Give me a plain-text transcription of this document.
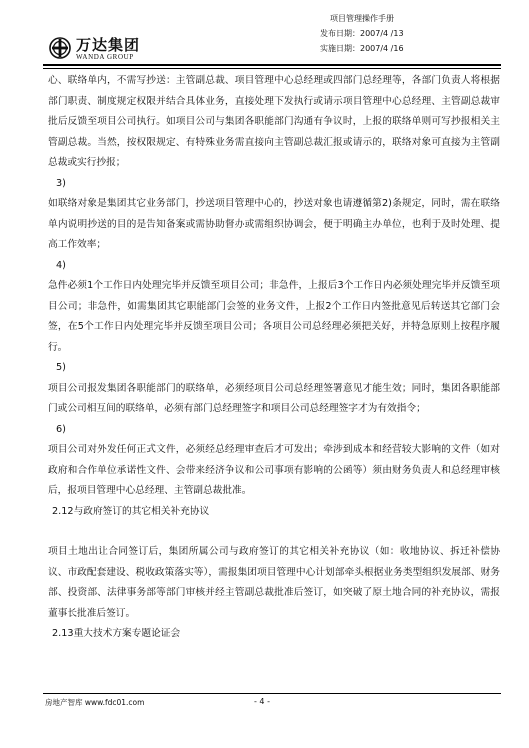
万达集团
WANDA GROUP
项目管理操作手册
发布日期：2007/4 /13
实施日期：2007/4 /16

心、联络单内，不需写抄送：主管副总裁、项目管理中心总经理或四部门总经理等，各部门负责人将根据部门职责、制度规定权限并结合具体业务，直接处理下发执行或请示项目管理中心总经理、主管副总裁审批后反馈至项目公司执行。如项目公司与集团各职能部门沟通有争议时，上报的联络单则可写抄报相关主管副总裁。当然，按权限规定、有特殊业务需直接向主管副总裁汇报或请示的，联络对象可直接为主管副总裁或实行抄报；

3)

如联络对象是集团其它业务部门，抄送项目管理中心的，抄送对象也请遵循第2)条规定，同时，需在联络单内说明抄送的目的是告知备案或需协助督办或需组织协调会，便于明确主办单位，也利于及时处理、提高工作效率；

4)

急件必须1个工作日内处理完毕并反馈至项目公司；非急件，上报后3个工作日内必须处理完毕并反馈至项目公司；非急件，如需集团其它职能部门会签的业务文件，上报2个工作日内签批意见后转送其它部门会签，在5个工作日内处理完毕并反馈至项目公司；各项目公司总经理必须把关好，并特急原则上按程序履行。

5)

项目公司报发集团各职能部门的联络单，必须经项目公司总经理签署意见才能生效；同时，集团各职能部门或公司相互间的联络单，必须有部门总经理签字和项目公司总经理签字才为有效指令；

6)

项目公司对外发任何正式文件，必须经总经理审查后才可发出；牵涉到成本和经营较大影响的文件（如对政府和合作单位承诺性文件、会带来经济争议和公司事项有影响的公函等）须由财务负责人和总经理审核后，报项目管理中心总经理、主管副总裁批准。

2.12与政府签订的其它相关补充协议

项目土地出让合同签订后，集团所属公司与政府签订的其它相关补充协议（如：收地协议、拆迁补偿协议、市政配套建设、税收政策落实等），需报集团项目管理中心计划部牵头根据业务类型组织发展部、财务部、投资部、法律事务部等部门审核并经主管副总裁批准后签订，如突破了原土地合同的补充协议，需报董事长批准后签订。

2.13重大技术方案专题论证会

房地产智库 www.fdc01.com	- 4 -
